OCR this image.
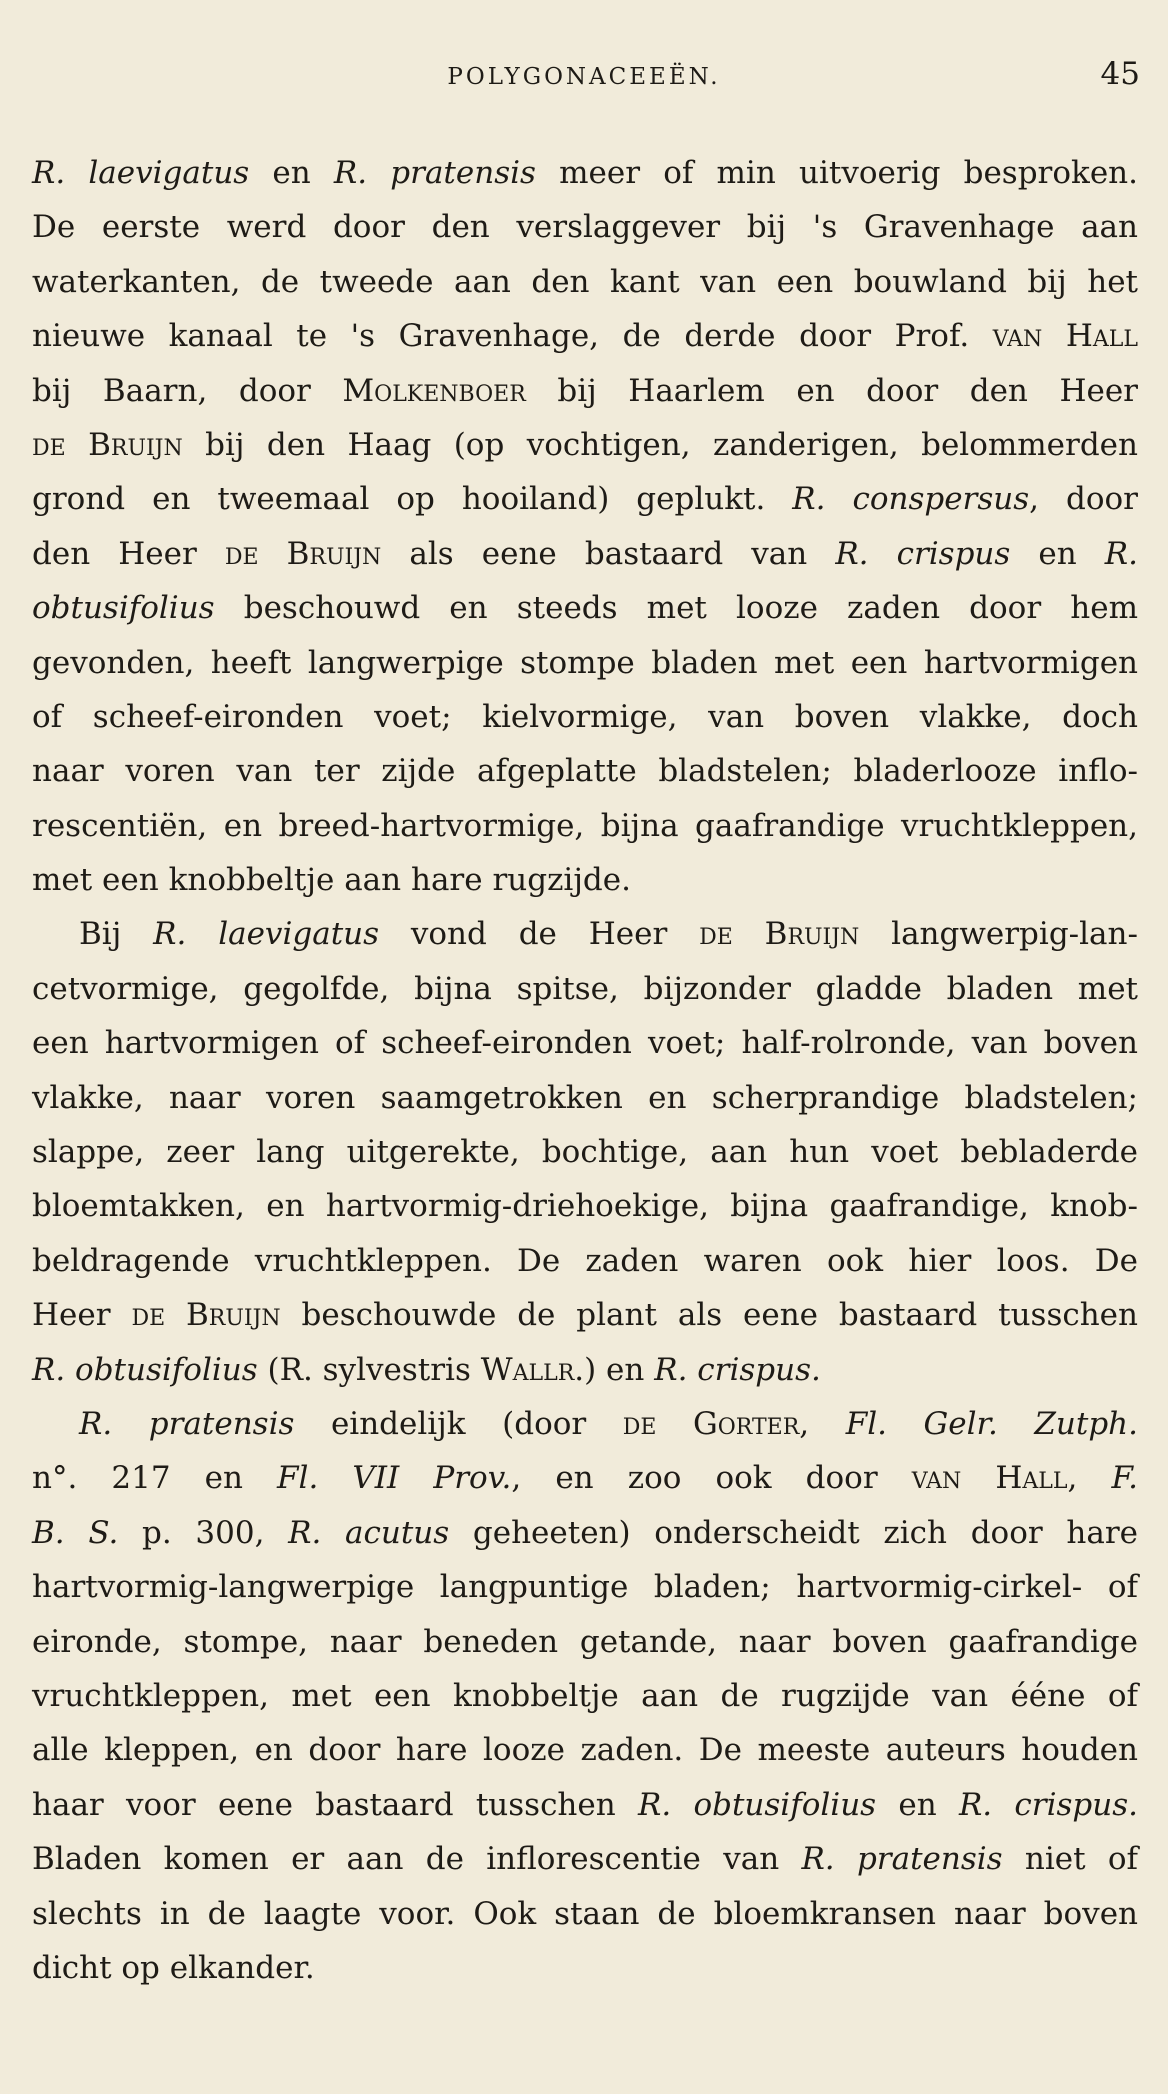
POLYGONACEEËN.	45
R. laevigatus en R. pratensis meer of min uitvoerig besproken.
De eerste werd door den verslaggever bij 's Gravenhage aan
waterkanten, de tweede aan den kant van een bouwland bij het
nieuwe kanaal te 's Gravenhage, de derde door Prof. van Hall
bij Baarn, door Molkenboer bij Haarlem en door den Heer
de Bruijn bij den Haag (op vochtigen, zanderigen, belommerden
grond en tweemaal op hooiland) geplukt. R. conspersus, door
den Heer de Bruijn als eene bastaard van R. crispus en R.
obtusifolius beschouwd en steeds met looze zaden door hem
gevonden, heeft langwerpige stompe bladen met een hartvormigen
of scheef-eironden voet; kielvormige, van boven vlakke, doch
naar voren van ter zijde afgeplatte bladstelen; bladerlooze inflo-
rescentiën, en breed-hartvormige, bijna gaafrandige vruchtkleppen,
met een knobbeltje aan hare rugzijde.
Bij R. laevigatus vond de Heer de Bruijn langwerpig-lan-
cetvormige, gegolfde, bijna spitse, bijzonder gladde bladen met
een hartvormigen of scheef-eironden voet; half-rolronde, van boven
vlakke, naar voren saamgetrokken en scherprandige bladstelen;
slappe, zeer lang uitgerekte, bochtige, aan hun voet bebladerde
bloemtakken, en hartvormig-driehoekige, bijna gaafrandige, knob-
beldragende vruchtkleppen. De zaden waren ook hier loos. De
Heer de Bruijn beschouwde de plant als eene bastaard tusschen
R. obtusifolius (R. sylvestris Wallr.) en R. crispus.
R. pratensis eindelijk (door de Gorter, Fl. Gelr. Zutph.
n°. 217 en Fl. VII Prov., en zoo ook door van Hall, F.
B. S. p. 300, R. acutus geheeten) onderscheidt zich door hare
hartvormig-langwerpige langpuntige bladen; hartvormig-cirkel- of
eironde, stompe, naar beneden getande, naar boven gaafrandige
vruchtkleppen, met een knobbeltje aan de rugzijde van ééne of
alle kleppen, en door hare looze zaden. De meeste auteurs houden
haar voor eene bastaard tusschen R. obtusifolius en R. crispus.
Bladen komen er aan de inflorescentie van R. pratensis niet of
slechts in de laagte voor. Ook staan de bloemkransen naar boven
dicht op elkander.
